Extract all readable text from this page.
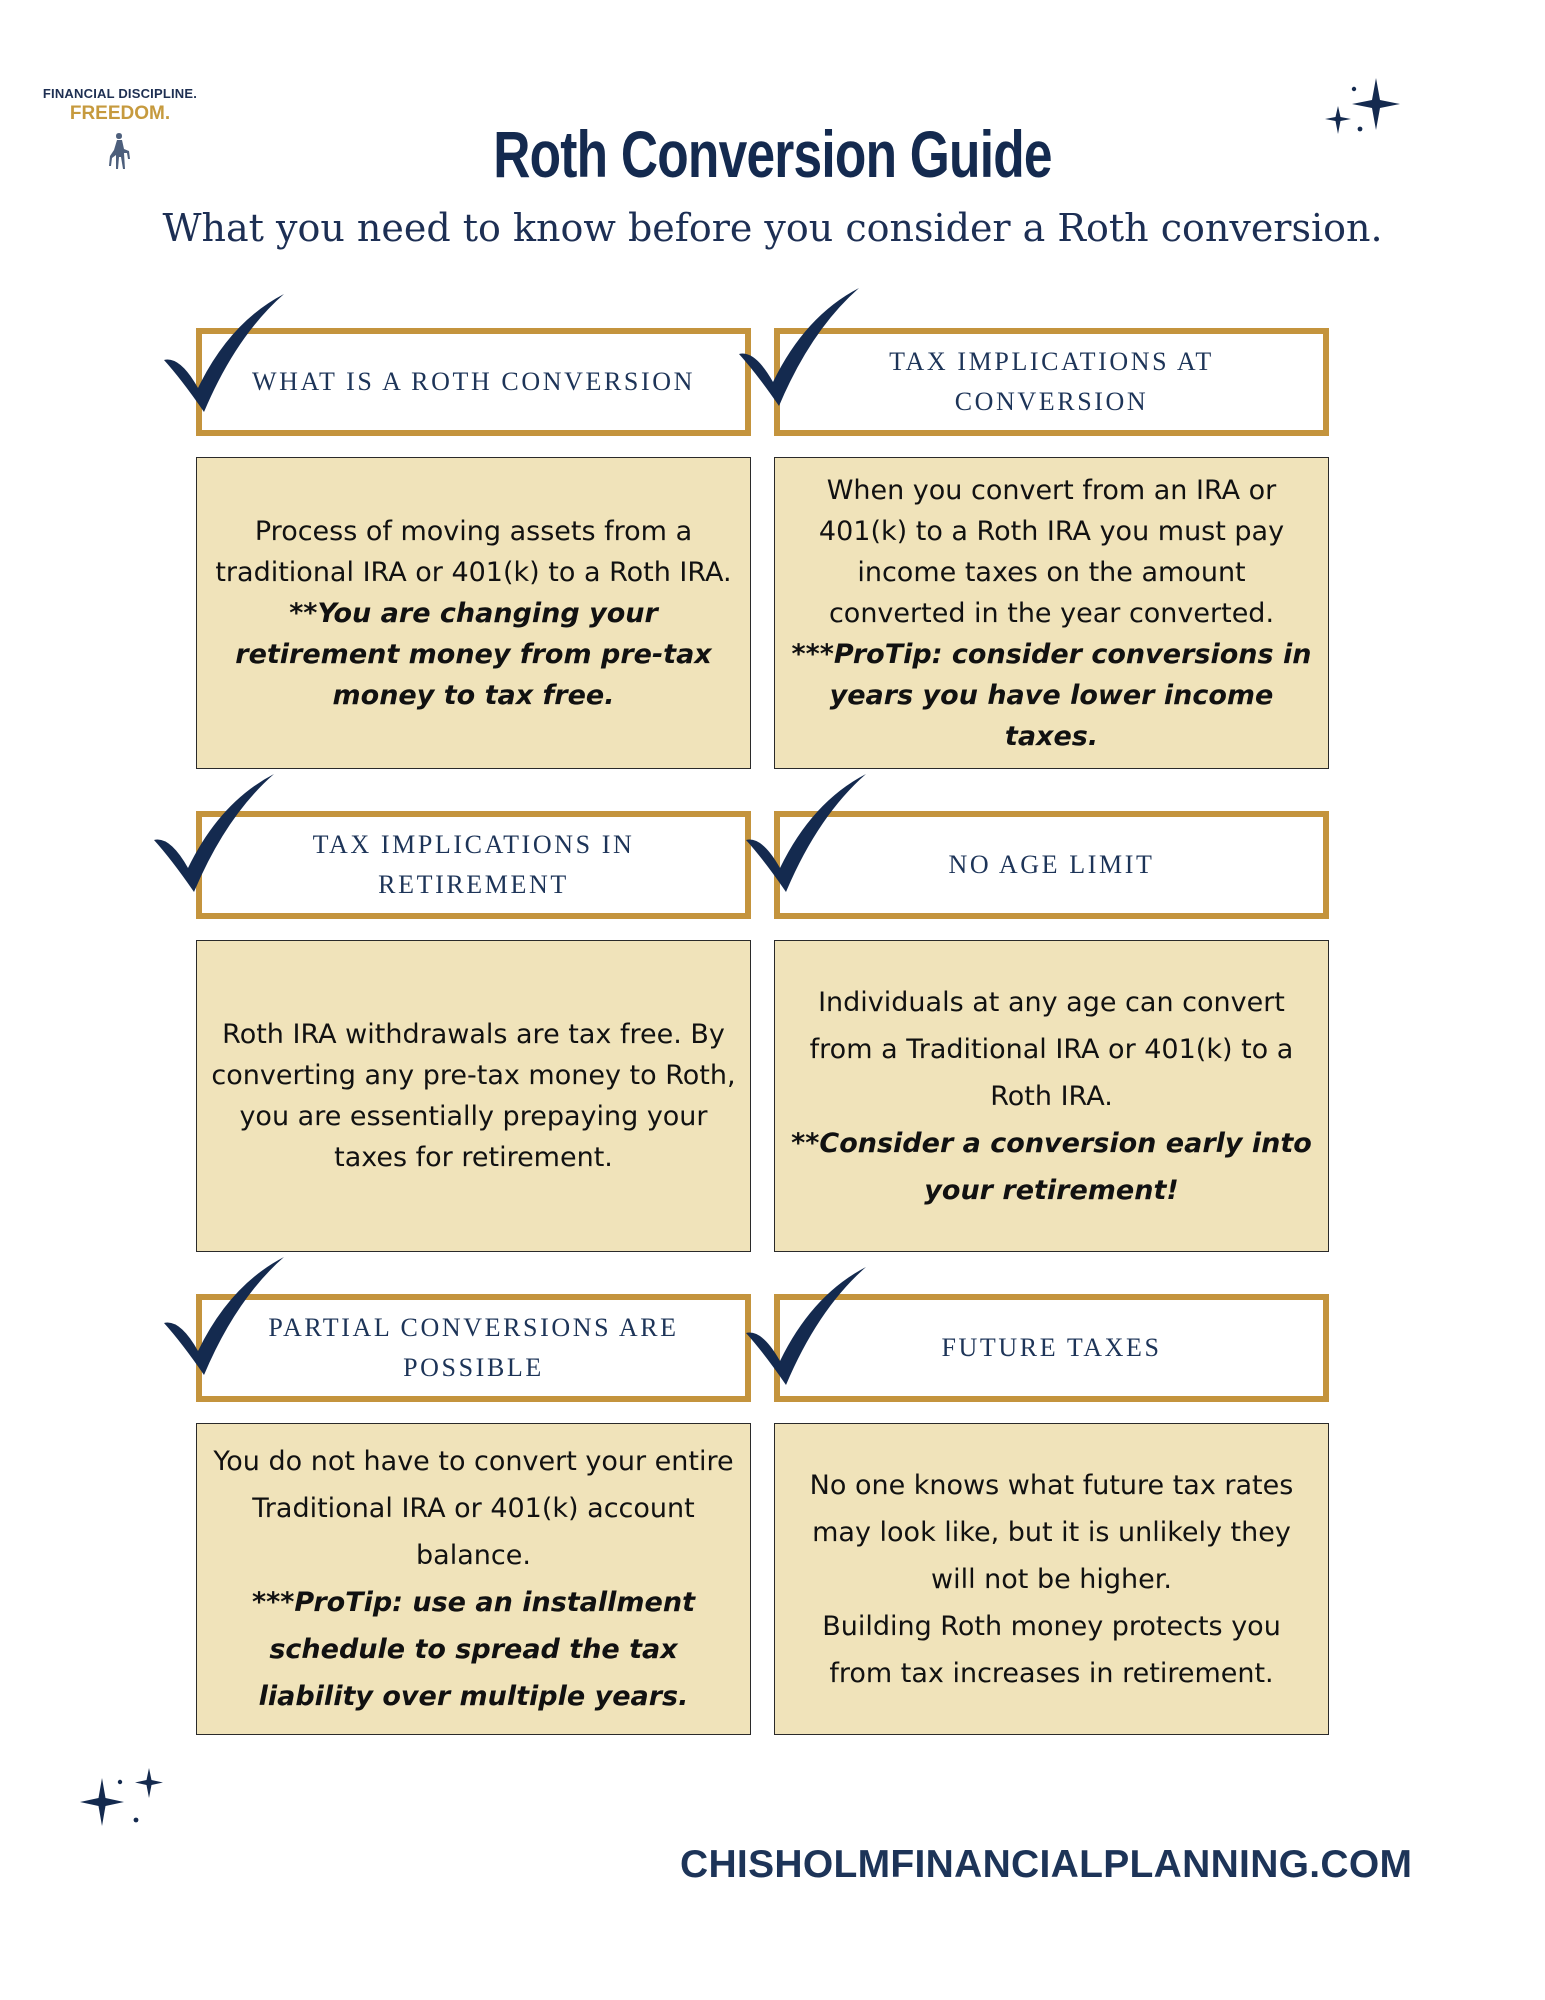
FINANCIAL DISCIPLINE.
FREEDOM.
Roth Conversion Guide
What you need to know before you consider a Roth conversion.
WHAT IS A ROTH CONVERSION
TAX IMPLICATIONS AT CONVERSION
Process of moving assets from a traditional IRA or 401(k) to a Roth IRA.
**You are changing your retirement money from pre-tax money to tax free.
When you convert from an IRA or 401(k) to a Roth IRA you must pay income taxes on the amount converted in the year converted.
***ProTip: consider conversions in years you have lower income taxes.
TAX IMPLICATIONS IN RETIREMENT
NO AGE LIMIT
Roth IRA withdrawals are tax free. By converting any pre-tax money to Roth, you are essentially prepaying your taxes for retirement.
Individuals at any age can convert from a Traditional IRA or 401(k) to a Roth IRA.
**Consider a conversion early into your retirement!
PARTIAL CONVERSIONS ARE POSSIBLE
FUTURE TAXES
You do not have to convert your entire Traditional IRA or 401(k) account balance.
***ProTip: use an installment schedule to spread the tax liability over multiple years.
No one knows what future tax rates may look like, but it is unlikely they will not be higher.
Building Roth money protects you from tax increases in retirement.
CHISHOLMFINANCIALPLANNING.COM
